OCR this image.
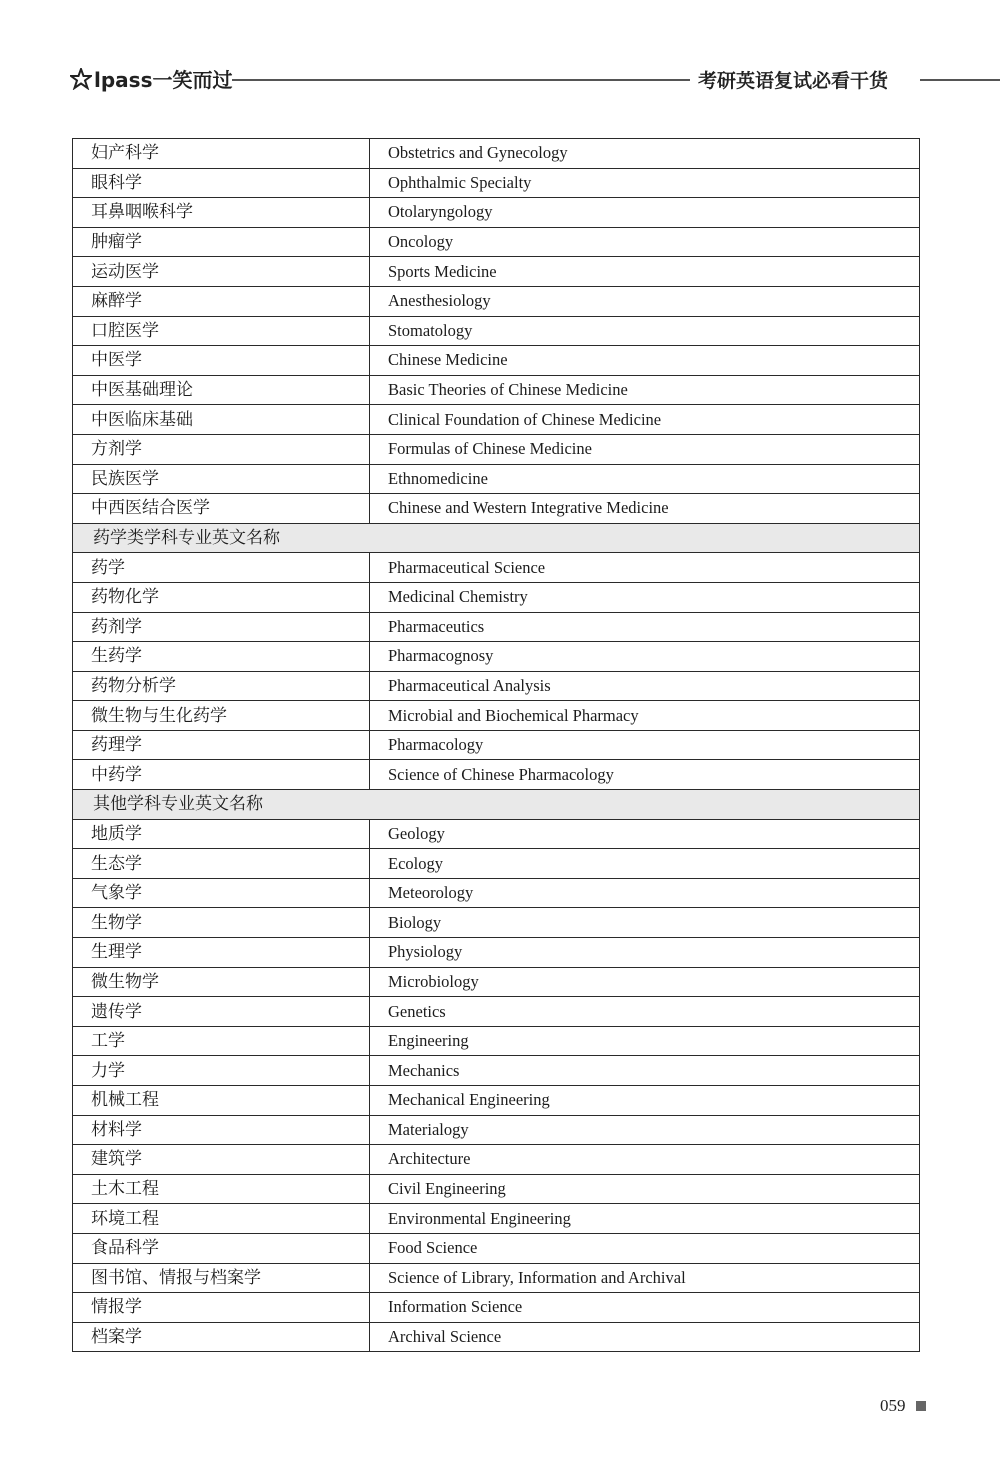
lpass一笑而过	考研英语复试必看干货
妇产科学	Obstetrics and Gynecology
眼科学	Ophthalmic Specialty
耳鼻咽喉科学	Otolaryngology
肿瘤学	Oncology
运动医学	Sports Medicine
麻醉学	Anesthesiology
口腔医学	Stomatology
中医学	Chinese Medicine
中医基础理论	Basic Theories of Chinese Medicine
中医临床基础	Clinical Foundation of Chinese Medicine
方剂学	Formulas of Chinese Medicine
民族医学	Ethnomedicine
中西医结合医学	Chinese and Western Integrative Medicine
药学类学科专业英文名称	
药学	Pharmaceutical Science
药物化学	Medicinal Chemistry
药剂学	Pharmaceutics
生药学	Pharmacognosy
药物分析学	Pharmaceutical Analysis
微生物与生化药学	Microbial and Biochemical Pharmacy
药理学	Pharmacology
中药学	Science of Chinese Pharmacology
其他学科专业英文名称	
地质学	Geology
生态学	Ecology
气象学	Meteorology
生物学	Biology
生理学	Physiology
微生物学	Microbiology
遗传学	Genetics
工学	Engineering
力学	Mechanics
机械工程	Mechanical Engineering
材料学	Materialogy
建筑学	Architecture
土木工程	Civil Engineering
环境工程	Environmental Engineering
食品科学	Food Science
图书馆、情报与档案学	Science of Library, Information and Archival
情报学	Information Science
档案学	Archival Science
059
